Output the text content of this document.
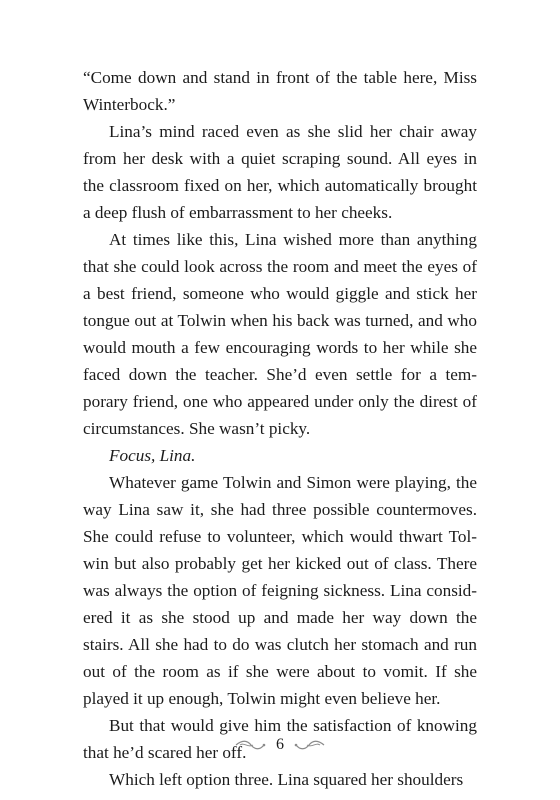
“Come down and stand in front of the table here, Miss Winterbock.”

Lina’s mind raced even as she slid her chair away from her desk with a quiet scraping sound. All eyes in the classroom fixed on her, which automatically brought a deep flush of embarrassment to her cheeks.

At times like this, Lina wished more than anything that she could look across the room and meet the eyes of a best friend, someone who would giggle and stick her tongue out at Tolwin when his back was turned, and who would mouth a few encouraging words to her while she faced down the teacher. She’d even settle for a temporary friend, one who appeared under only the direst of circumstances. She wasn’t picky.

Focus, Lina.

Whatever game Tolwin and Simon were playing, the way Lina saw it, she had three possible countermoves. She could refuse to volunteer, which would thwart Tolwin but also probably get her kicked out of class. There was always the option of feigning sickness. Lina considered it as she stood up and made her way down the stairs. All she had to do was clutch her stomach and run out of the room as if she were about to vomit. If she played it up enough, Tolwin might even believe her.

But that would give him the satisfaction of knowing that he’d scared her off.

Which left option three. Lina squared her shoulders

6
